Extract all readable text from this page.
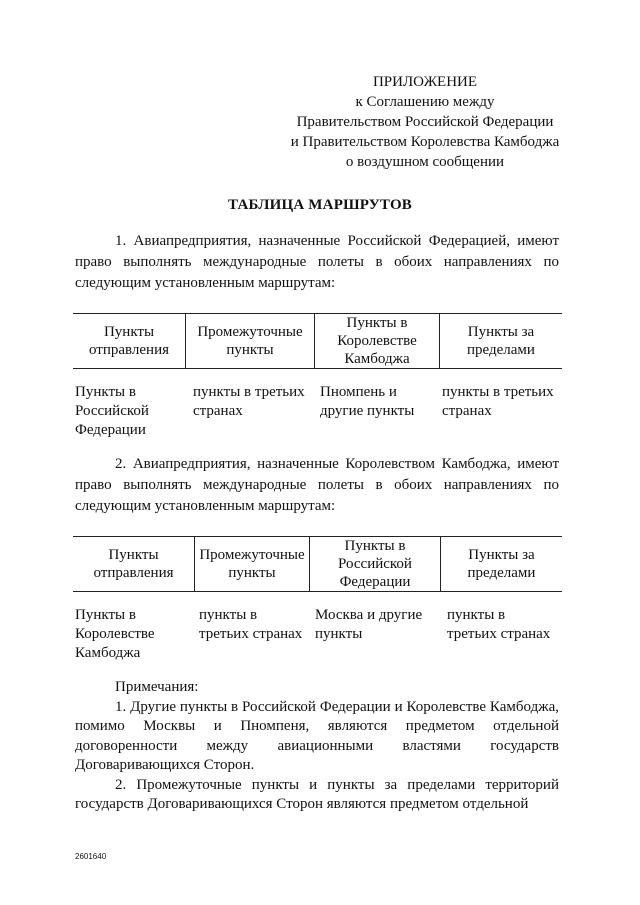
ПРИЛОЖЕНИЕ
к Соглашению между
Правительством Российской Федерации
и Правительством Королевства Камбоджа
о воздушном сообщении
ТАБЛИЦА МАРШРУТОВ
1. Авиапредприятия, назначенные Российской Федерацией, имеют право выполнять международные полеты в обоих направлениях по следующим установленным маршрутам:
Пункты отправления
Промежуточные пункты
Пункты в Королевстве Камбоджа
Пункты за пределами
Пункты в Российской Федерации
пункты в третьих странах
Пномпень и другие пункты
пункты в третьих странах
2. Авиапредприятия, назначенные Королевством Камбоджа, имеют право выполнять международные полеты в обоих направлениях по следующим установленным маршрутам:
Пункты отправления
Промежуточные пункты
Пункты в Российской Федерации
Пункты за пределами
Пункты в Королевстве Камбоджа
пункты в третьих странах
Москва и другие пункты
пункты в третьих странах
Примечания:
1. Другие пункты в Российской Федерации и Королевстве Камбоджа, помимо Москвы и Пномпеня, являются предметом отдельной договоренности между авиационными властями государств Договаривающихся Сторон.
2. Промежуточные пункты и пункты за пределами территорий государств Договаривающихся Сторон являются предметом отдельной
2601640
